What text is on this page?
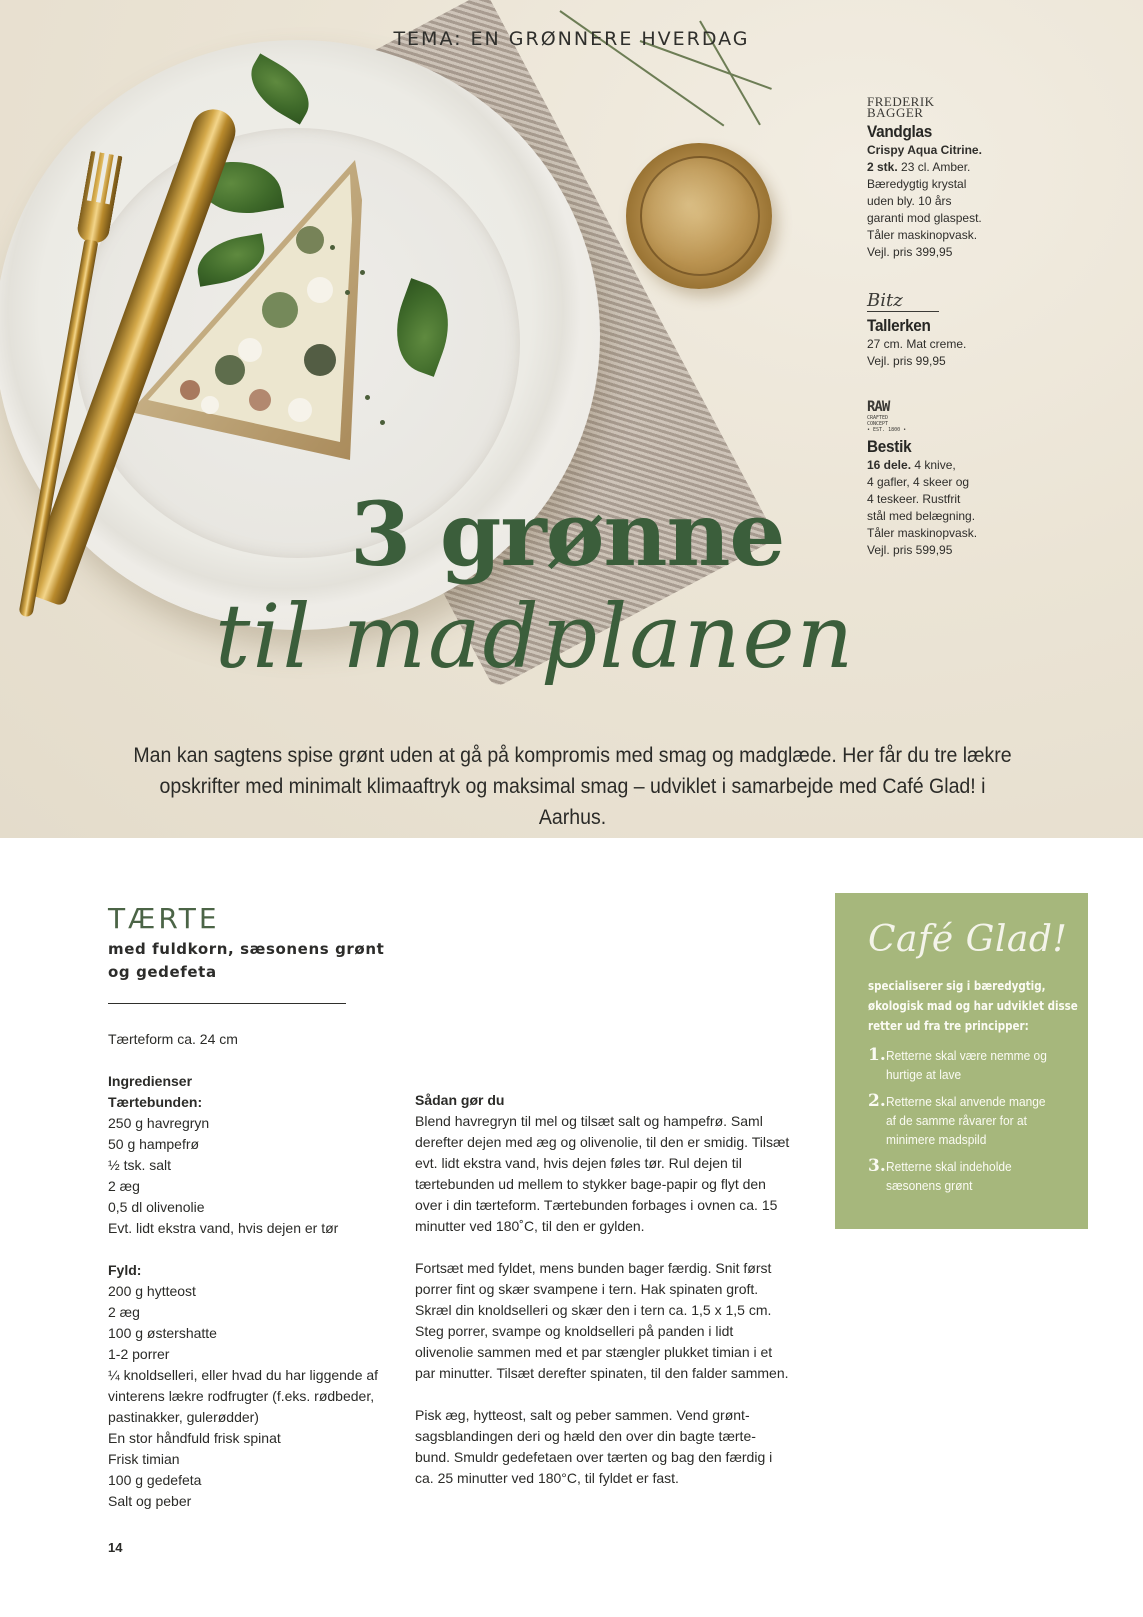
TEMA: EN GRØNNERE HVERDAG
FREDERIK
BAGGER
Vandglas
Crispy Aqua Citrine.
2 stk. 23 cl. Amber.
Bæredygtig krystal
uden bly. 10 års
garanti mod glaspest.
Tåler maskinopvask.
Vejl. pris 399,95
Bitz
Tallerken
27 cm. Mat creme.
Vejl. pris 99,95
RAW
CRAFTED
CONCEPT
• EST. 1800 •
Bestik
16 dele. 4 knive,
4 gafler, 4 skeer og
4 teskeer. Rustfrit
stål med belægning.
Tåler maskinopvask.
Vejl. pris 599,95
3 grønne
til madplanen
Man kan sagtens spise grønt uden at gå på kompromis med smag og madglæde. Her får du tre lækre opskrifter med minimalt klimaaftryk og maksimal smag – udviklet i samarbejde med Café Glad! i Aarhus.
TÆRTE
med fuldkorn, sæsonens grønt og gedefeta
Tærteform ca. 24 cm
Ingredienser
Tærtebunden:
250 g havregryn
50 g hampefrø
½ tsk. salt
2 æg
0,5 dl olivenolie
Evt. lidt ekstra vand, hvis dejen er tør
Fyld:
200 g hytteost
2 æg
100 g østershatte
1-2 porrer
¼ knoldselleri, eller hvad du har liggende af vinterens lækre rodfrugter (f.eks. rødbeder, pastinakker, gulerødder)
En stor håndfuld frisk spinat
Frisk timian
100 g gedefeta
Salt og peber
Sådan gør du
Blend havregryn til mel og tilsæt salt og hampefrø. Saml derefter dejen med æg og olivenolie, til den er smidig. Tilsæt evt. lidt ekstra vand, hvis dejen føles tør. Rul dejen til tærtebunden ud mellem to stykker bage-papir og flyt den over i din tærteform. Tærtebunden forbages i ovnen ca. 15 minutter ved 180˚C, til den er gylden.
Fortsæt med fyldet, mens bunden bager færdig. Snit først porrer fint og skær svampene i tern. Hak spinaten groft. Skræl din knoldselleri og skær den i tern ca. 1,5 x 1,5 cm. Steg porrer, svampe og knoldselleri på panden i lidt olivenolie sammen med et par stængler plukket timian i et par minutter. Tilsæt derefter spinaten, til den falder sammen.
Pisk æg, hytteost, salt og peber sammen. Vend grønt-sagsblandingen deri og hæld den over din bagte tærte-bund. Smuldr gedefetaen over tærten og bag den færdig i ca. 25 minutter ved 180°C, til fyldet er fast.
Café Glad!
specialiserer sig i bæredygtig, økologisk mad og har udviklet disse retter ud fra tre principper:
1. Retterne skal være nemme og hurtige at lave
2. Retterne skal anvende mange af de samme råvarer for at minimere madspild
3. Retterne skal indeholde sæsonens grønt
14
